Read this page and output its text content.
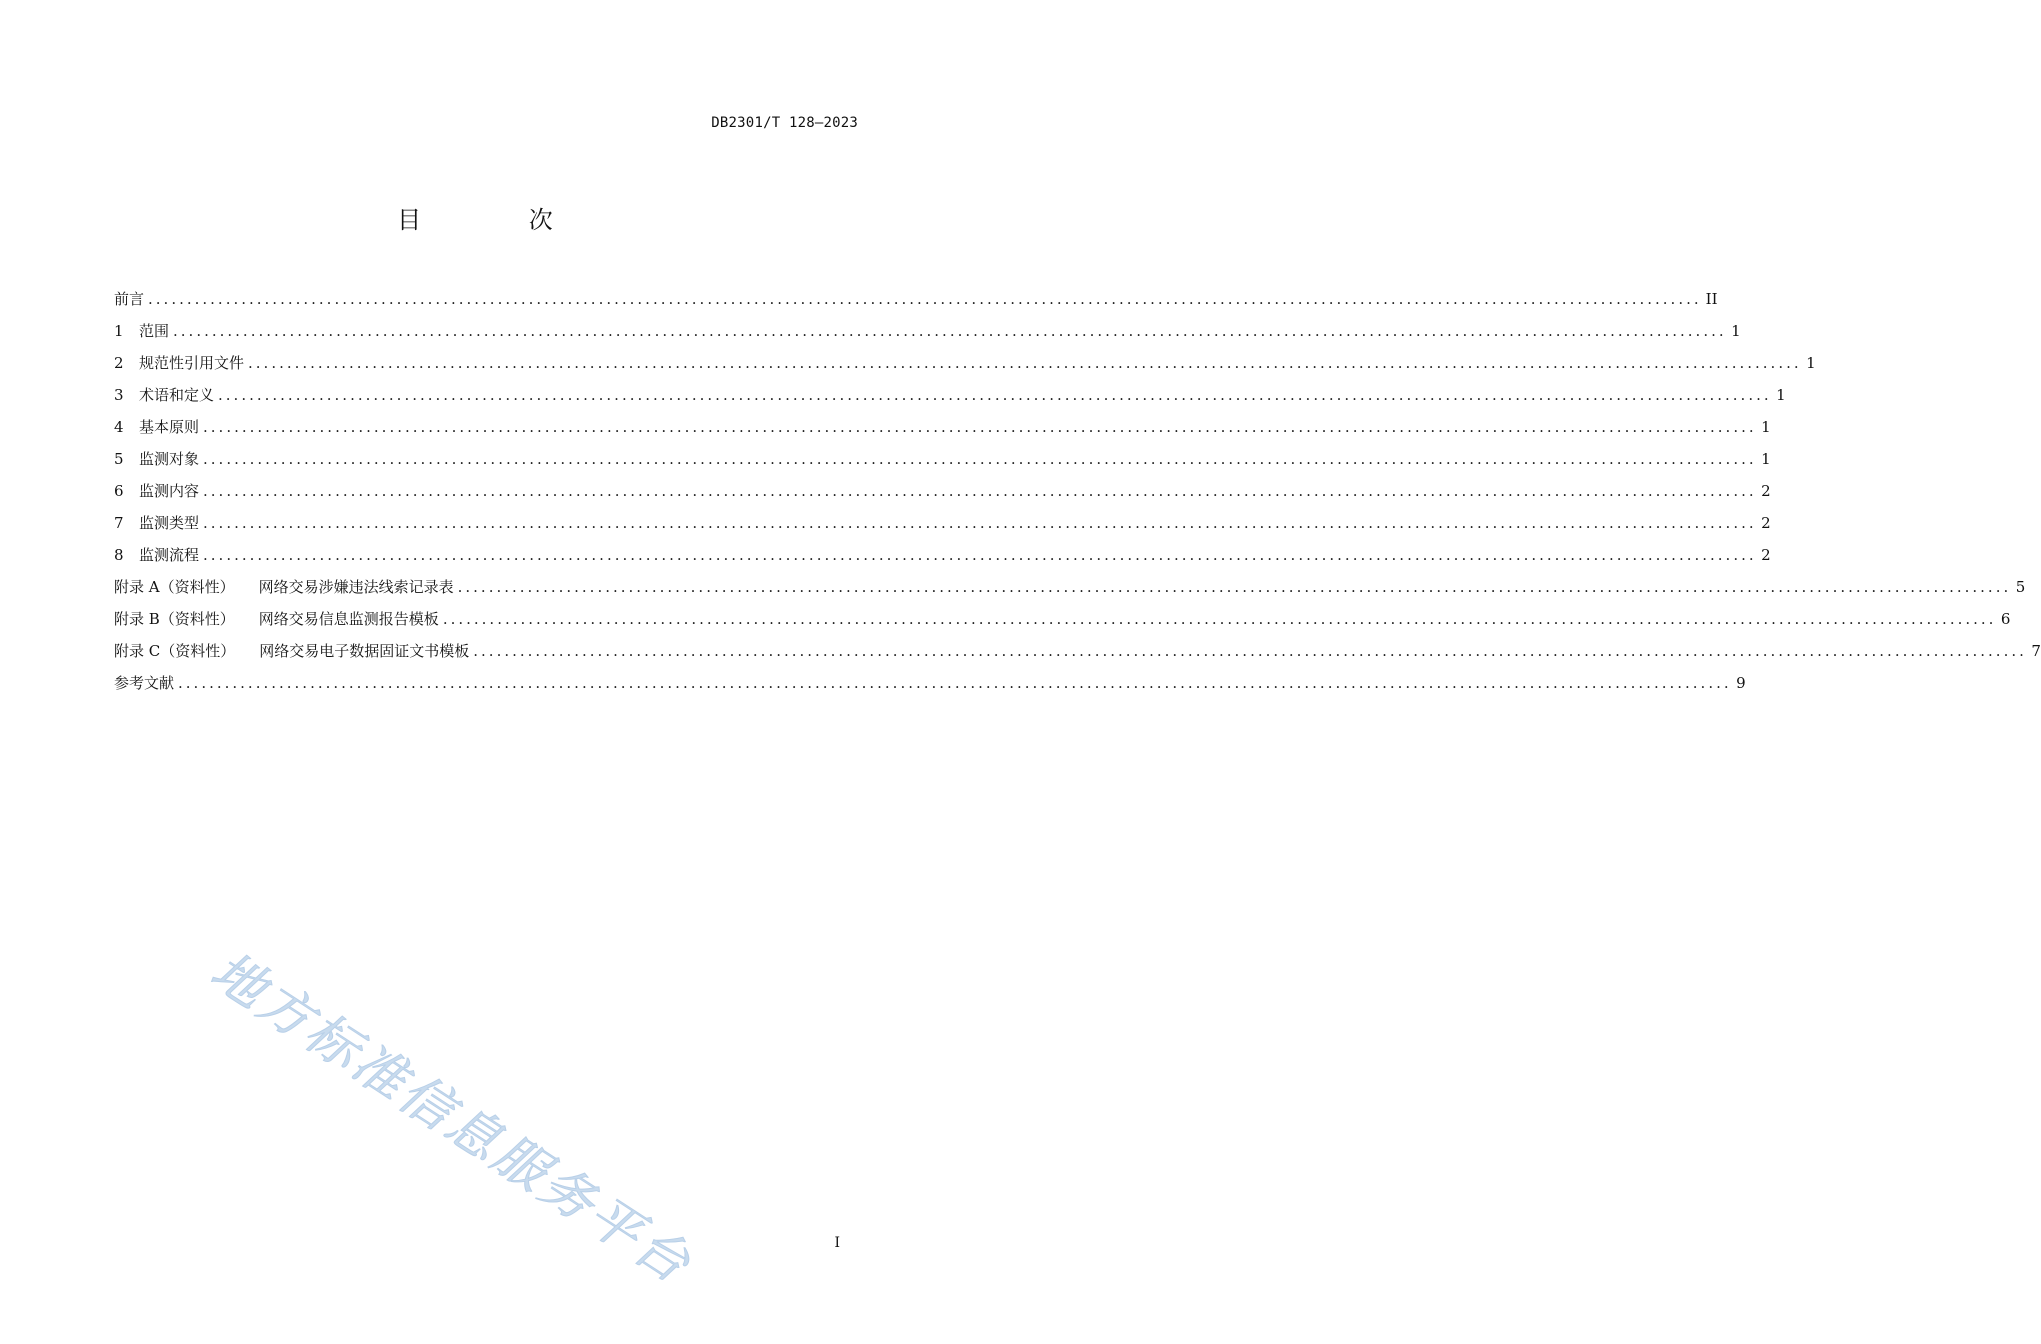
DB2301/T 128—2023
目 次
前言 ........................................................................................................................................................................................................ II
1	范围 ........................................................................................................................................................................................................ 1
2	规范性引用文件 ........................................................................................................................................................................................................ 1
3	术语和定义 ........................................................................................................................................................................................................ 1
4	基本原则 ........................................................................................................................................................................................................ 1
5	监测对象 ........................................................................................................................................................................................................ 1
6	监测内容 ........................................................................................................................................................................................................ 2
7	监测类型 ........................................................................................................................................................................................................ 2
8	监测流程 ........................................................................................................................................................................................................ 2
附录 A（资料性） 网络交易涉嫌违法线索记录表 ........................................................................................................................................................................................................ 5
附录 B（资料性） 网络交易信息监测报告模板 ........................................................................................................................................................................................................ 6
附录 C（资料性） 网络交易电子数据固证文书模板 ........................................................................................................................................................................................................ 7
参考文献 ........................................................................................................................................................................................................ 9
地方标准信息服务平台	I
